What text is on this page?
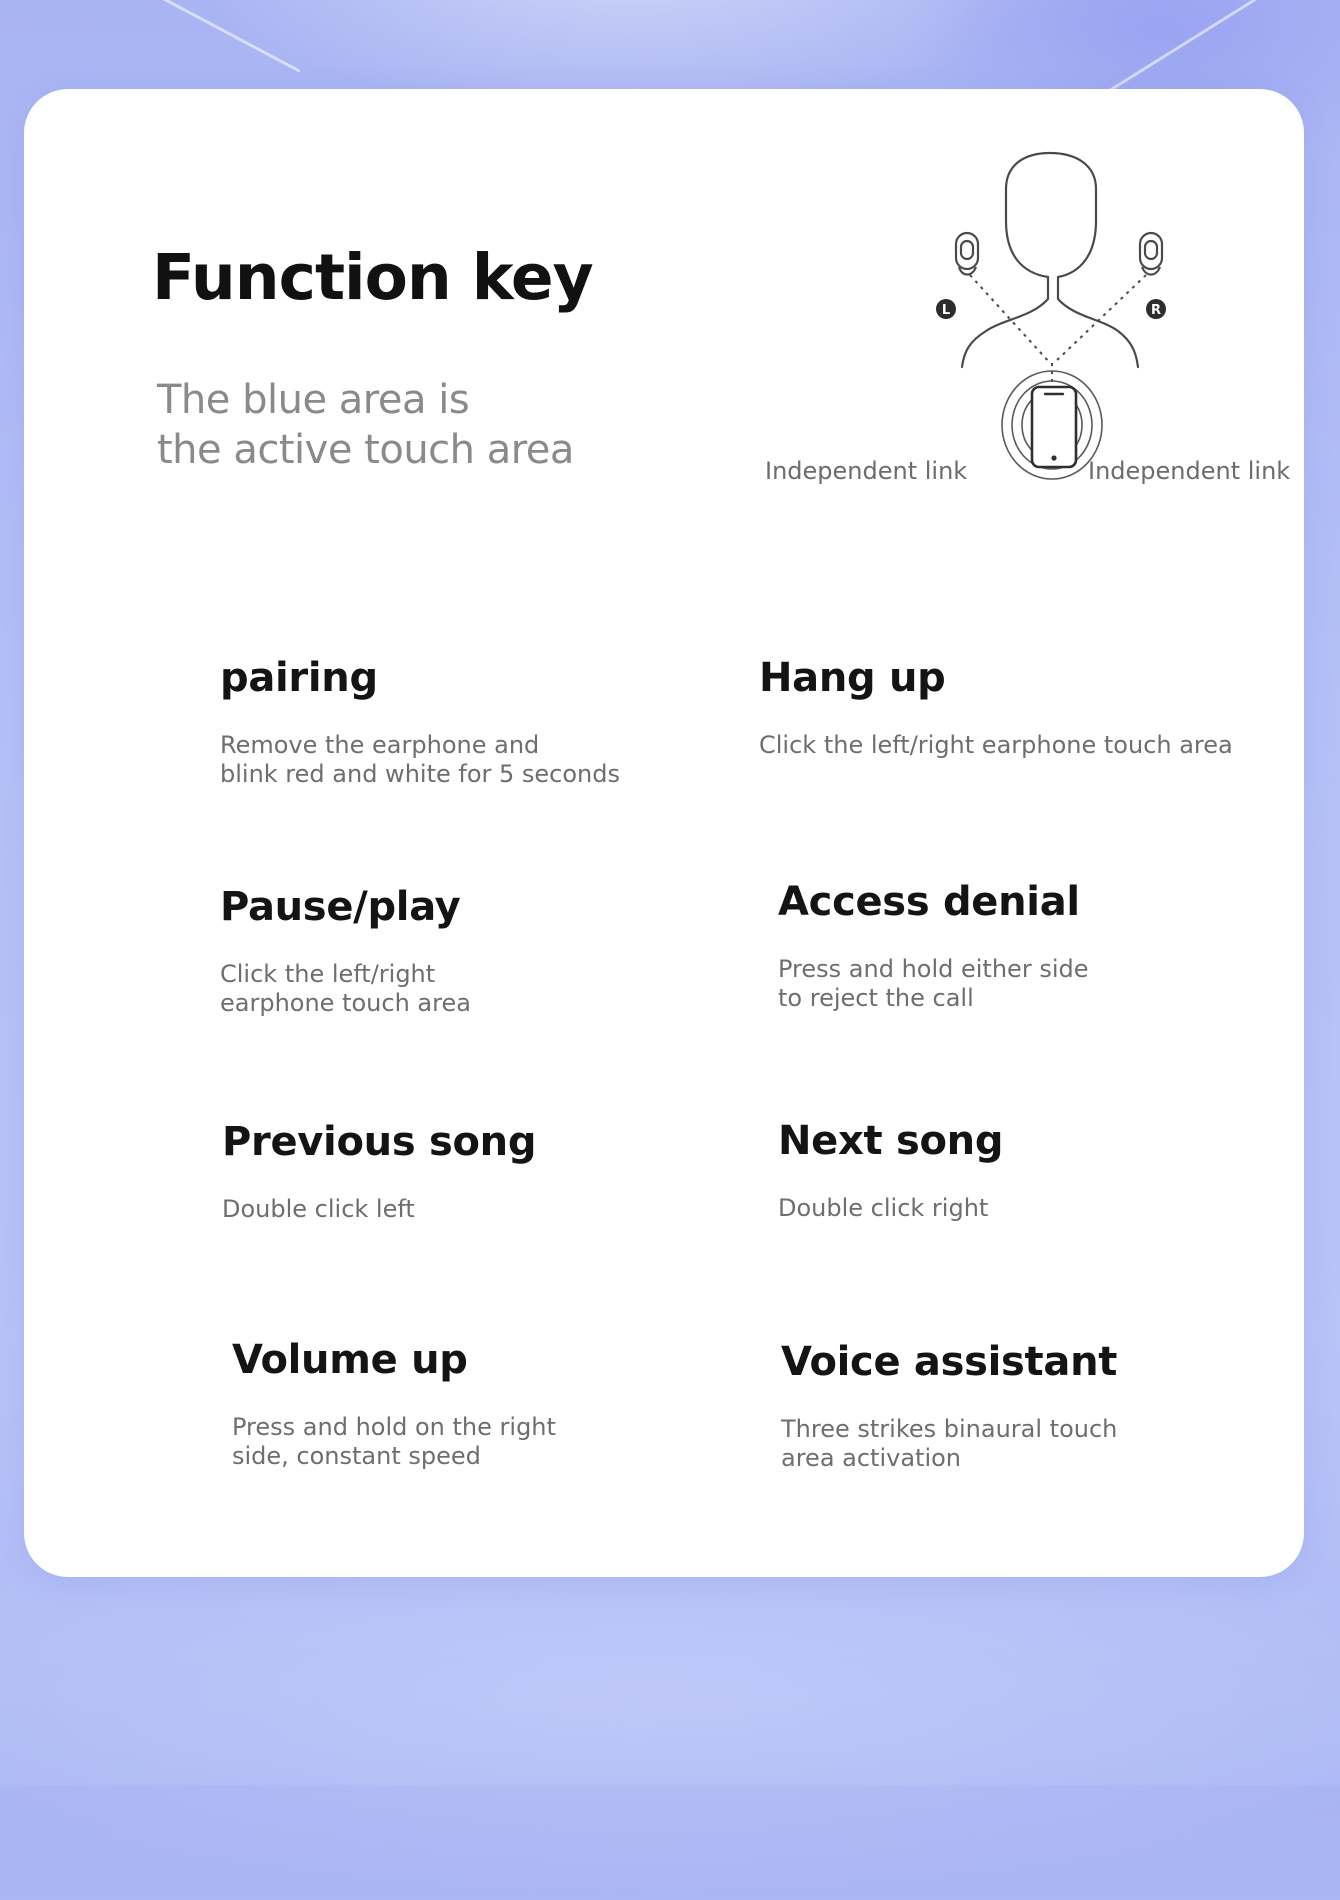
Function key
The blue area is
the active touch area
L	R
Independent link	Independent link
pairing
Remove the earphone and
blink red and white for 5 seconds
Hang up
Click the left/right earphone touch area
Pause/play
Click the left/right
earphone touch area
Access denial
Press and hold either side
to reject the call
Previous song
Double click left
Next song
Double click right
Volume up
Press and hold on the right
side, constant speed
Voice assistant
Three strikes binaural touch
area activation
